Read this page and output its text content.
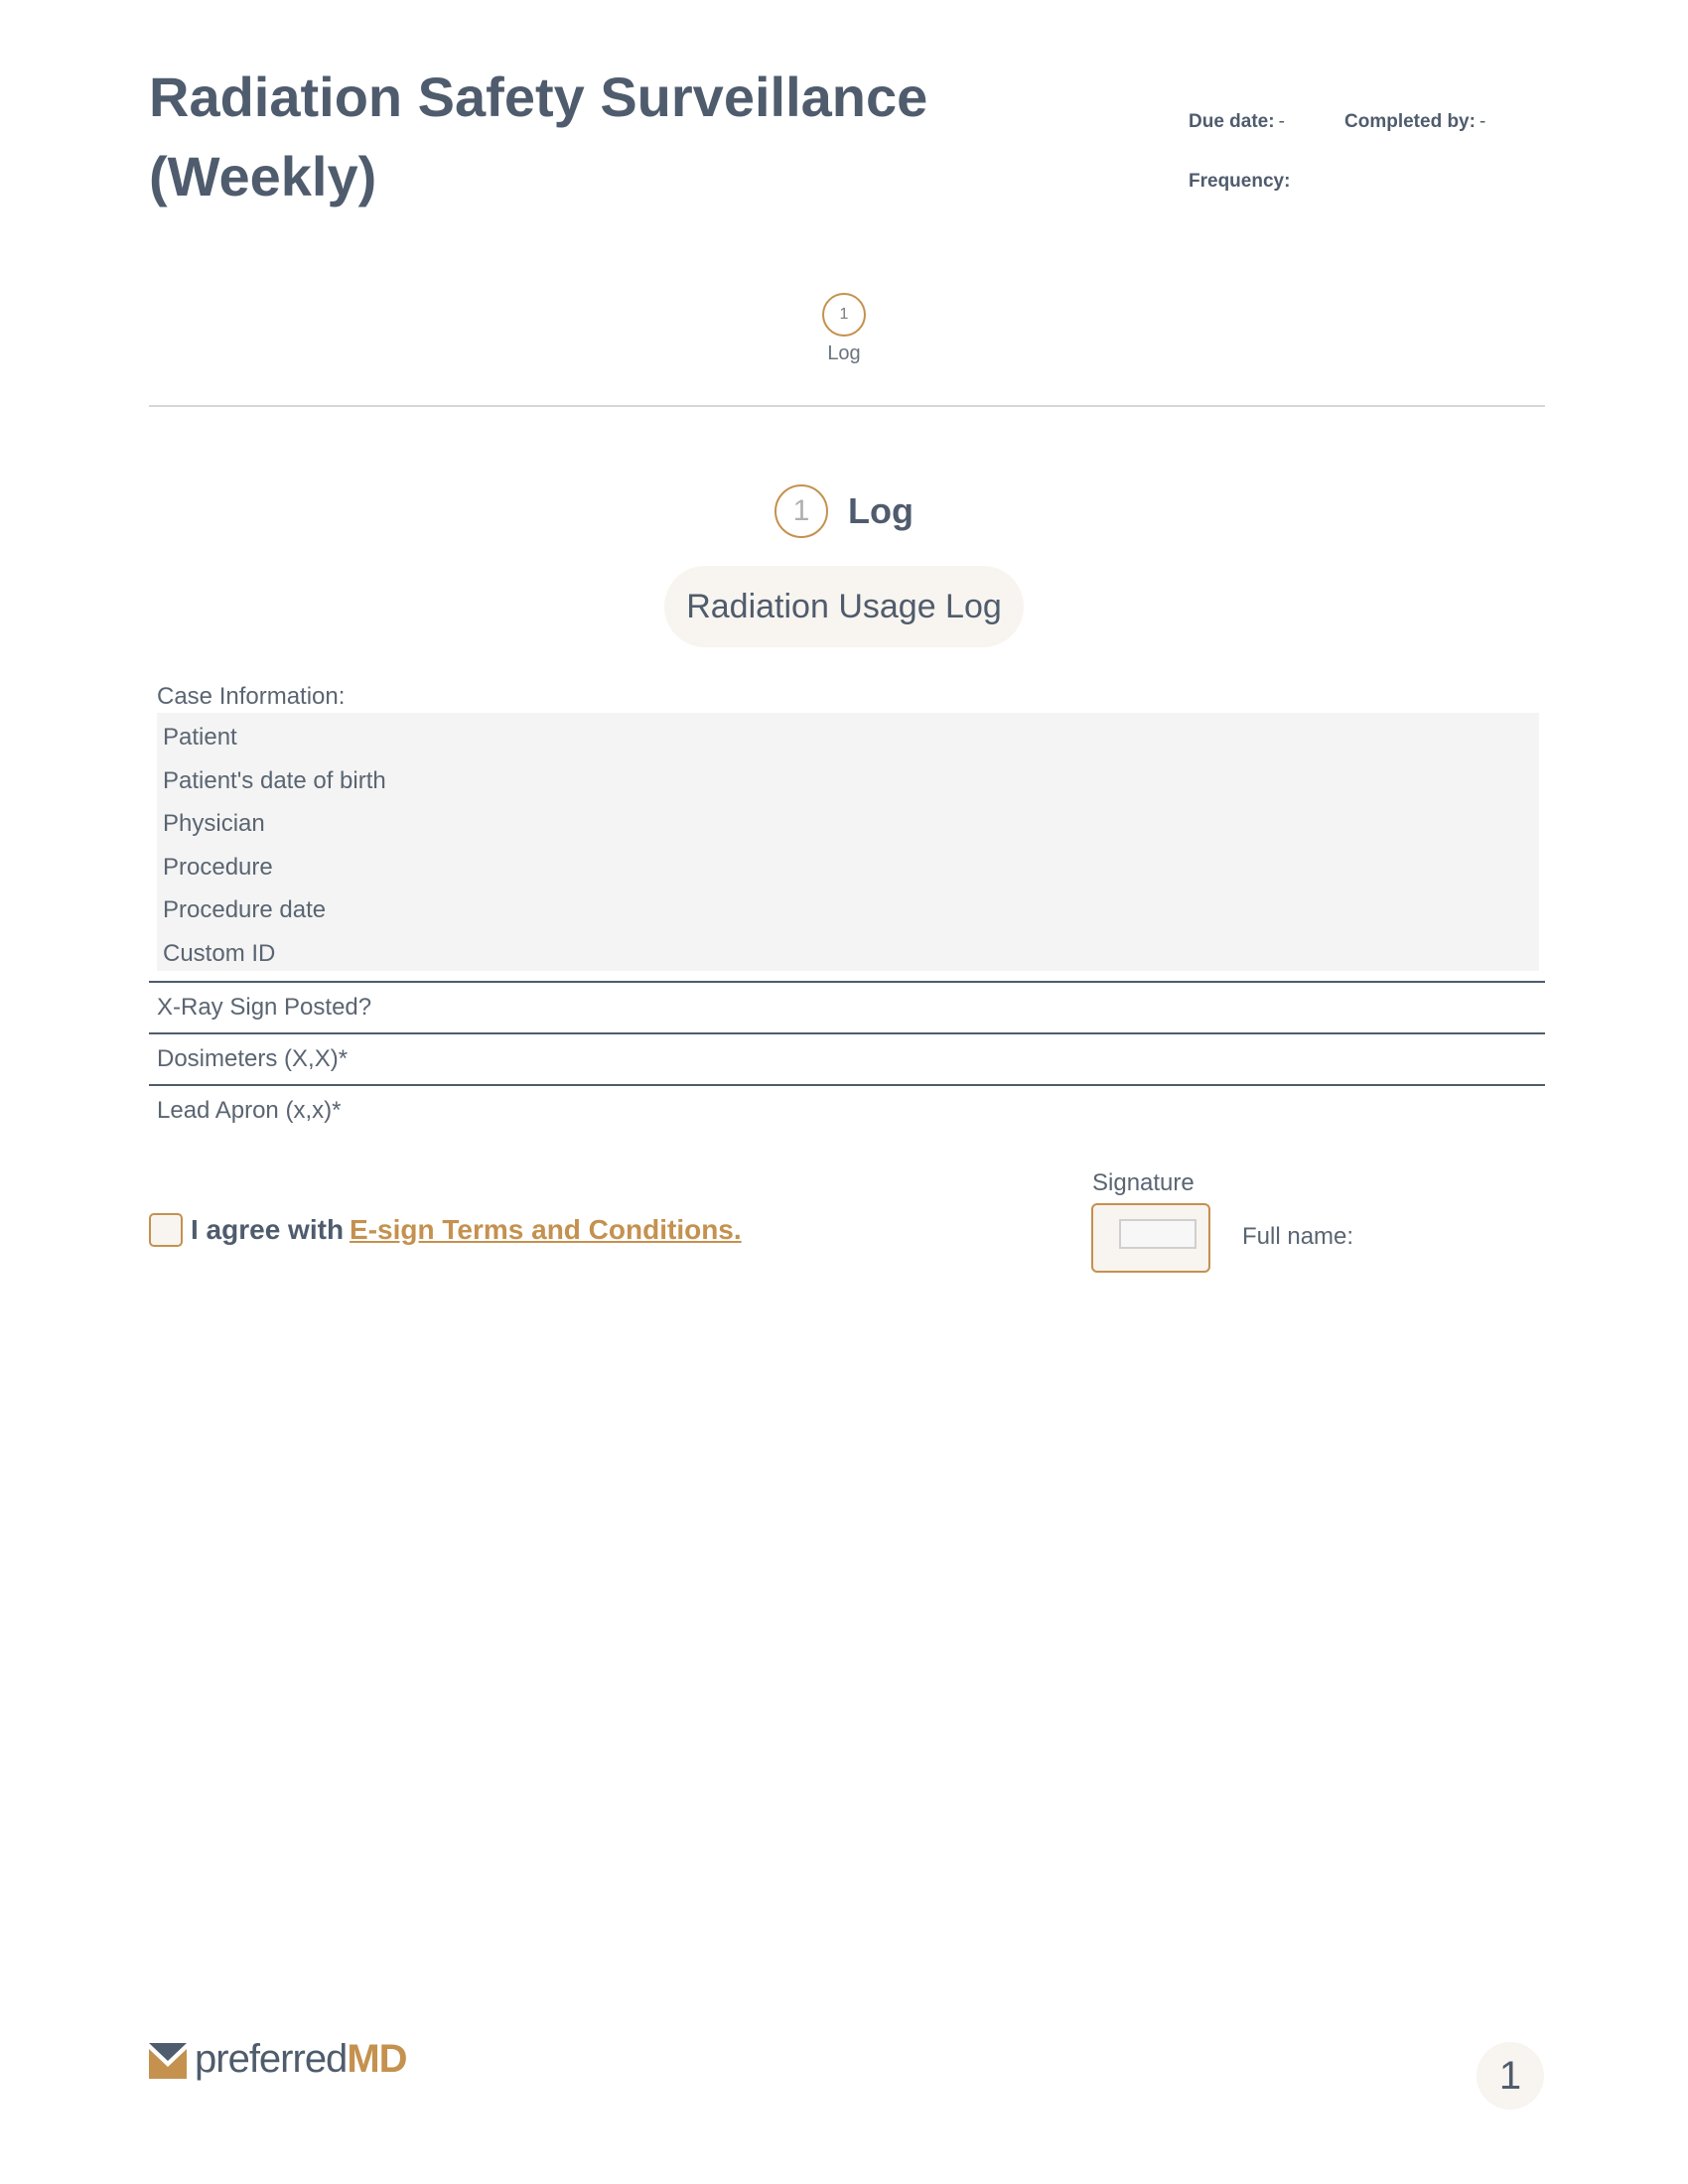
Radiation Safety Surveillance (Weekly)
Due date: -	Completed by: -
Frequency:
1
Log
1	Log
Radiation Usage Log
Case Information:
Patient
Patient's date of birth
Physician
Procedure
Procedure date
Custom ID
X-Ray Sign Posted?
Dosimeters (X,X)*
Lead Apron (x,x)*
I agree with E-sign Terms and Conditions.
Signature
Full name:
preferred MD	1
